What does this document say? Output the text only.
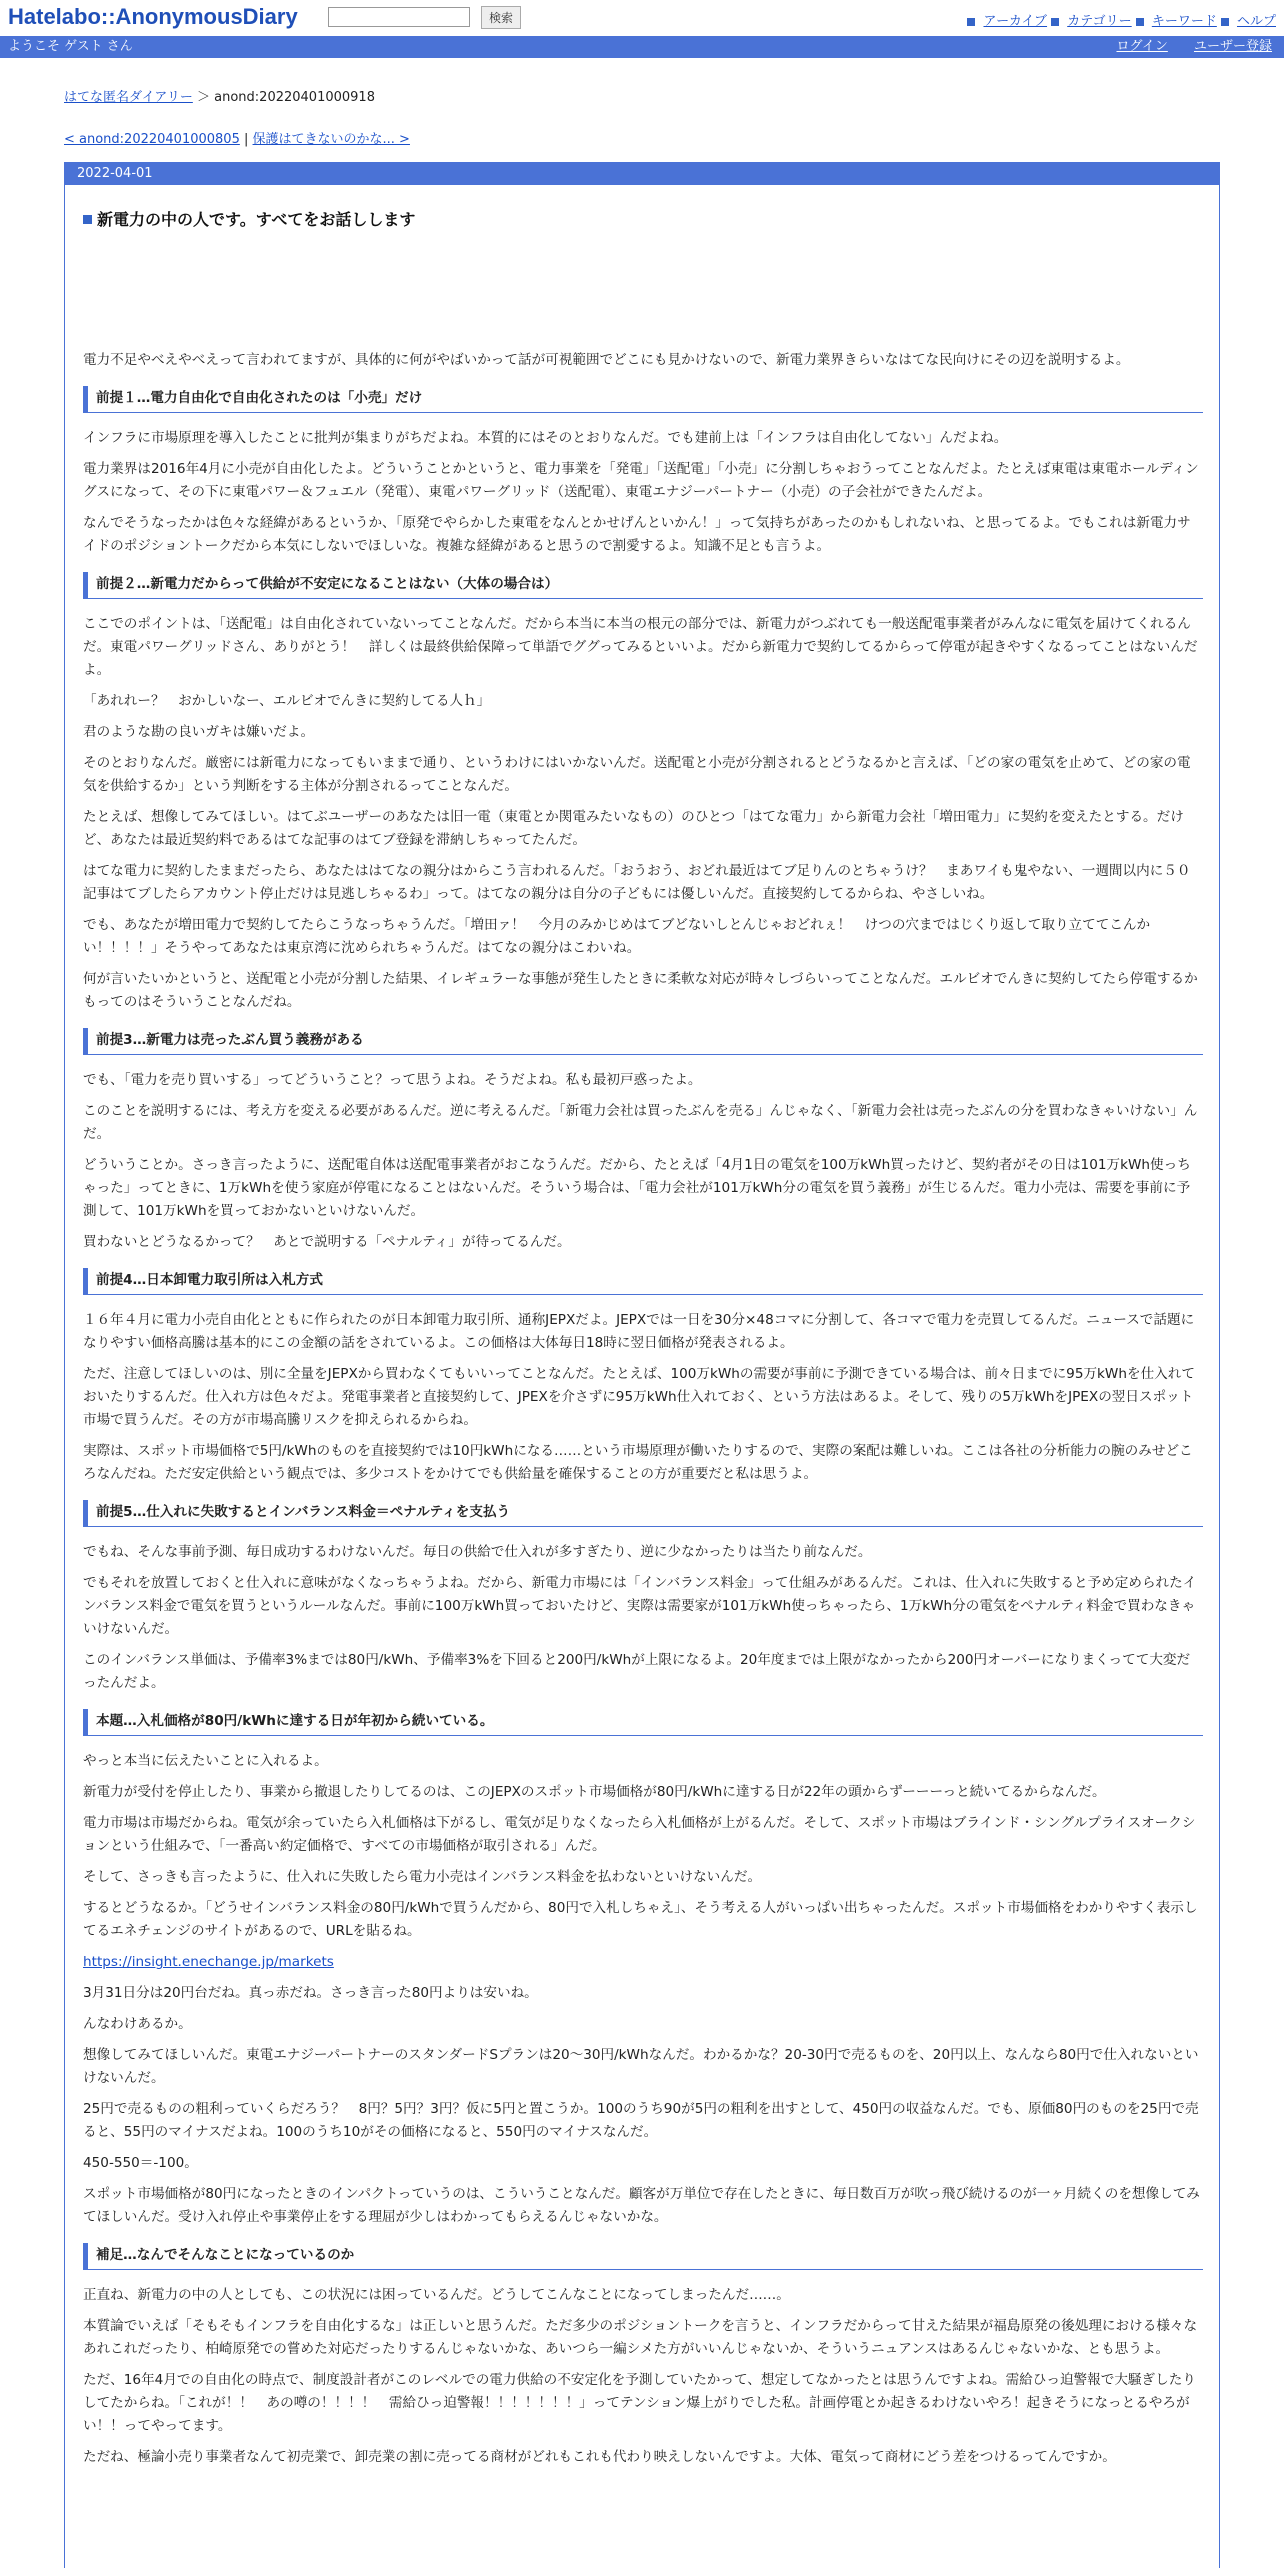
Hatelabo::AnonymousDiary	検索	アーカイブ カテゴリー キーワード ヘルプ
ようこそ ゲスト さん	ログイン ユーザー登録
はてな匿名ダイアリー ＞ anond:20220401000918
< anond:20220401000805 | 保護はてきないのかな... >
2022-04-01
新電力の中の人です。すべてをお話しします

電力不足やべえやべえって言われてますが、具体的に何がやばいかって話が可視範囲でどこにも見かけないので、新電力業界きらいなはてな民向けにその辺を説明するよ。

前提１…電力自由化で自由化されたのは「小売」だけ

インフラに市場原理を導入したことに批判が集まりがちだよね。本質的にはそのとおりなんだ。でも建前上は「インフラは自由化してない」んだよね。

電力業界は2016年4月に小売が自由化したよ。どういうことかというと、電力事業を「発電」「送配電」「小売」に分割しちゃおうってことなんだよ。たとえば東電は東電ホールディングスになって、その下に東電パワー＆フュエル（発電）、東電パワーグリッド（送配電）、東電エナジーパートナー（小売）の子会社ができたんだよ。

なんでそうなったかは色々な経緯があるというか、「原発でやらかした東電をなんとかせげんといかん！」って気持ちがあったのかもしれないね、と思ってるよ。でもこれは新電力サイドのポジショントークだから本気にしないでほしいな。複雑な経緯があると思うので割愛するよ。知識不足とも言うよ。

前提２…新電力だからって供給が不安定になることはない（大体の場合は）

ここでのポイントは、「送配電」は自由化されていないってことなんだ。だから本当に本当の根元の部分では、新電力がつぶれても一般送配電事業者がみんなに電気を届けてくれるんだ。東電パワーグリッドさん、ありがとう！　詳しくは最終供給保障って単語でググってみるといいよ。だから新電力で契約してるからって停電が起きやすくなるってことはないんだよ。

「あれれー？　おかしいなー、エルビオでんきに契約してる人ｈ」

君のような勘の良いガキは嫌いだよ。

そのとおりなんだ。厳密には新電力になってもいままで通り、というわけにはいかないんだ。送配電と小売が分割されるとどうなるかと言えば、「どの家の電気を止めて、どの家の電気を供給するか」という判断をする主体が分割されるってことなんだ。

たとえば、想像してみてほしい。はてぶユーザーのあなたは旧一電（東電とか関電みたいなもの）のひとつ「はてな電力」から新電力会社「増田電力」に契約を変えたとする。だけど、あなたは最近契約料であるはてな記事のはてブ登録を滞納しちゃってたんだ。

はてな電力に契約したままだったら、あなたははてなの親分はからこう言われるんだ。「おうおう、おどれ最近はてブ足りんのとちゃうけ？　まあワイも鬼やない、一週間以内に５０記事はてブしたらアカウント停止だけは見逃しちゃるわ」って。はてなの親分は自分の子どもには優しいんだ。直接契約してるからね、やさしいね。

でも、あなたが増田電力で契約してたらこうなっちゃうんだ。「増田ァ！　今月のみかじめはてブどないしとんじゃおどれぇ！　けつの穴まではじくり返して取り立ててこんかい！！！！」そうやってあなたは東京湾に沈められちゃうんだ。はてなの親分はこわいね。

何が言いたいかというと、送配電と小売が分割した結果、イレギュラーな事態が発生したときに柔軟な対応が時々しづらいってことなんだ。エルビオでんきに契約してたら停電するかもってのはそういうことなんだね。

前提3…新電力は売ったぶん買う義務がある

でも、「電力を売り買いする」ってどういうこと？って思うよね。そうだよね。私も最初戸惑ったよ。

このことを説明するには、考え方を変える必要があるんだ。逆に考えるんだ。「新電力会社は買ったぶんを売る」んじゃなく、「新電力会社は売ったぶんの分を買わなきゃいけない」んだ。

どういうことか。さっき言ったように、送配電自体は送配電事業者がおこなうんだ。だから、たとえば「4月1日の電気を100万kWh買ったけど、契約者がその日は101万kWh使っちゃった」ってときに、1万kWhを使う家庭が停電になることはないんだ。そういう場合は、「電力会社が101万kWh分の電気を買う義務」が生じるんだ。電力小売は、需要を事前に予測して、101万kWhを買っておかないといけないんだ。

買わないとどうなるかって？　あとで説明する「ペナルティ」が待ってるんだ。

前提4…日本卸電力取引所は入札方式

１６年４月に電力小売自由化とともに作られたのが日本卸電力取引所、通称JEPXだよ。JEPXでは一日を30分×48コマに分割して、各コマで電力を売買してるんだ。ニュースで話題になりやすい価格高騰は基本的にこの金額の話をされているよ。この価格は大体毎日18時に翌日価格が発表されるよ。

ただ、注意してほしいのは、別に全量をJEPXから買わなくてもいいってことなんだ。たとえば、100万kWhの需要が事前に予測できている場合は、前々日までに95万kWhを仕入れておいたりするんだ。仕入れ方は色々だよ。発電事業者と直接契約して、JPEXを介さずに95万kWh仕入れておく、という方法はあるよ。そして、残りの5万kWhをJPEXの翌日スポット市場で買うんだ。その方が市場高騰リスクを抑えられるからね。

実際は、スポット市場価格で5円/kWhのものを直接契約では10円kWhになる……という市場原理が働いたりするので、実際の案配は難しいね。ここは各社の分析能力の腕のみせどころなんだね。ただ安定供給という観点では、多少コストをかけてでも供給量を確保することの方が重要だと私は思うよ。

前提5…仕入れに失敗するとインバランス料金＝ペナルティを支払う

でもね、そんな事前予測、毎日成功するわけないんだ。毎日の供給で仕入れが多すぎたり、逆に少なかったりは当たり前なんだ。

でもそれを放置しておくと仕入れに意味がなくなっちゃうよね。だから、新電力市場には「インバランス料金」って仕組みがあるんだ。これは、仕入れに失敗すると予め定められたインバランス料金で電気を買うというルールなんだ。事前に100万kWh買っておいたけど、実際は需要家が101万kWh使っちゃったら、1万kWh分の電気をペナルティ料金で買わなきゃいけないんだ。

このインバランス単価は、予備率3%までは80円/kWh、予備率3%を下回ると200円/kWhが上限になるよ。20年度までは上限がなかったから200円オーバーになりまくってて大変だったんだよ。

本題…入札価格が80円/kWhに達する日が年初から続いている。

やっと本当に伝えたいことに入れるよ。

新電力が受付を停止したり、事業から撤退したりしてるのは、このJEPXのスポット市場価格が80円/kWhに達する日が22年の頭からずーーーっと続いてるからなんだ。

電力市場は市場だからね。電気が余っていたら入札価格は下がるし、電気が足りなくなったら入札価格が上がるんだ。そして、スポット市場はブラインド・シングルプライスオークションという仕組みで、「一番高い約定価格で、すべての市場価格が取引される」んだ。

そして、さっきも言ったように、仕入れに失敗したら電力小売はインバランス料金を払わないといけないんだ。

するとどうなるか。「どうせインバランス料金の80円/kWhで買うんだから、80円で入札しちゃえ」、そう考える人がいっぱい出ちゃったんだ。スポット市場価格をわかりやすく表示してるエネチェンジのサイトがあるので、URLを貼るね。

https://insight.enechange.jp/markets

3月31日分は20円台だね。真っ赤だね。さっき言った80円よりは安いね。

んなわけあるか。

想像してみてほしいんだ。東電エナジーパートナーのスタンダードSプランは20～30円/kWhなんだ。わかるかな？20-30円で売るものを、20円以上、なんなら80円で仕入れないといけないんだ。

25円で売るものの粗利っていくらだろう？　8円？5円？3円？仮に5円と置こうか。100のうち90が5円の粗利を出すとして、450円の収益なんだ。でも、原価80円のものを25円で売ると、55円のマイナスだよね。100のうち10がその価格になると、550円のマイナスなんだ。

450-550＝-100。

スポット市場価格が80円になったときのインパクトっていうのは、こういうことなんだ。顧客が万単位で存在したときに、毎日数百万が吹っ飛び続けるのが一ヶ月続くのを想像してみてほしいんだ。受け入れ停止や事業停止をする理屈が少しはわかってもらえるんじゃないかな。

補足…なんでそんなことになっているのか

正直ね、新電力の中の人としても、この状況には困っているんだ。どうしてこんなことになってしまったんだ……。

本質論でいえば「そもそもインフラを自由化するな」は正しいと思うんだ。ただ多少のポジショントークを言うと、インフラだからって甘えた結果が福島原発の後処理における様々なあれこれだったり、柏崎原発での嘗めた対応だったりするんじゃないかな、あいつら一編シメた方がいいんじゃないか、そういうニュアンスはあるんじゃないかな、とも思うよ。

ただ、16年4月での自由化の時点で、制度設計者がこのレベルでの電力供給の不安定化を予測していたかって、想定してなかったとは思うんですよね。需給ひっ迫警報で大騒ぎしたりしてたからね。「これが！！　あの噂の！！！！　需給ひっ迫警報！！！！！！！」ってテンション爆上がりでした私。計画停電とか起きるわけないやろ！起きそうになっとるやろがい！！ってやってます。

ただね、極論小売り事業者なんて初売業で、卸売業の割に売ってる商材がどれもこれも代わり映えしないんですよ。大体、電気って商材にどう差をつけるってんですか。
